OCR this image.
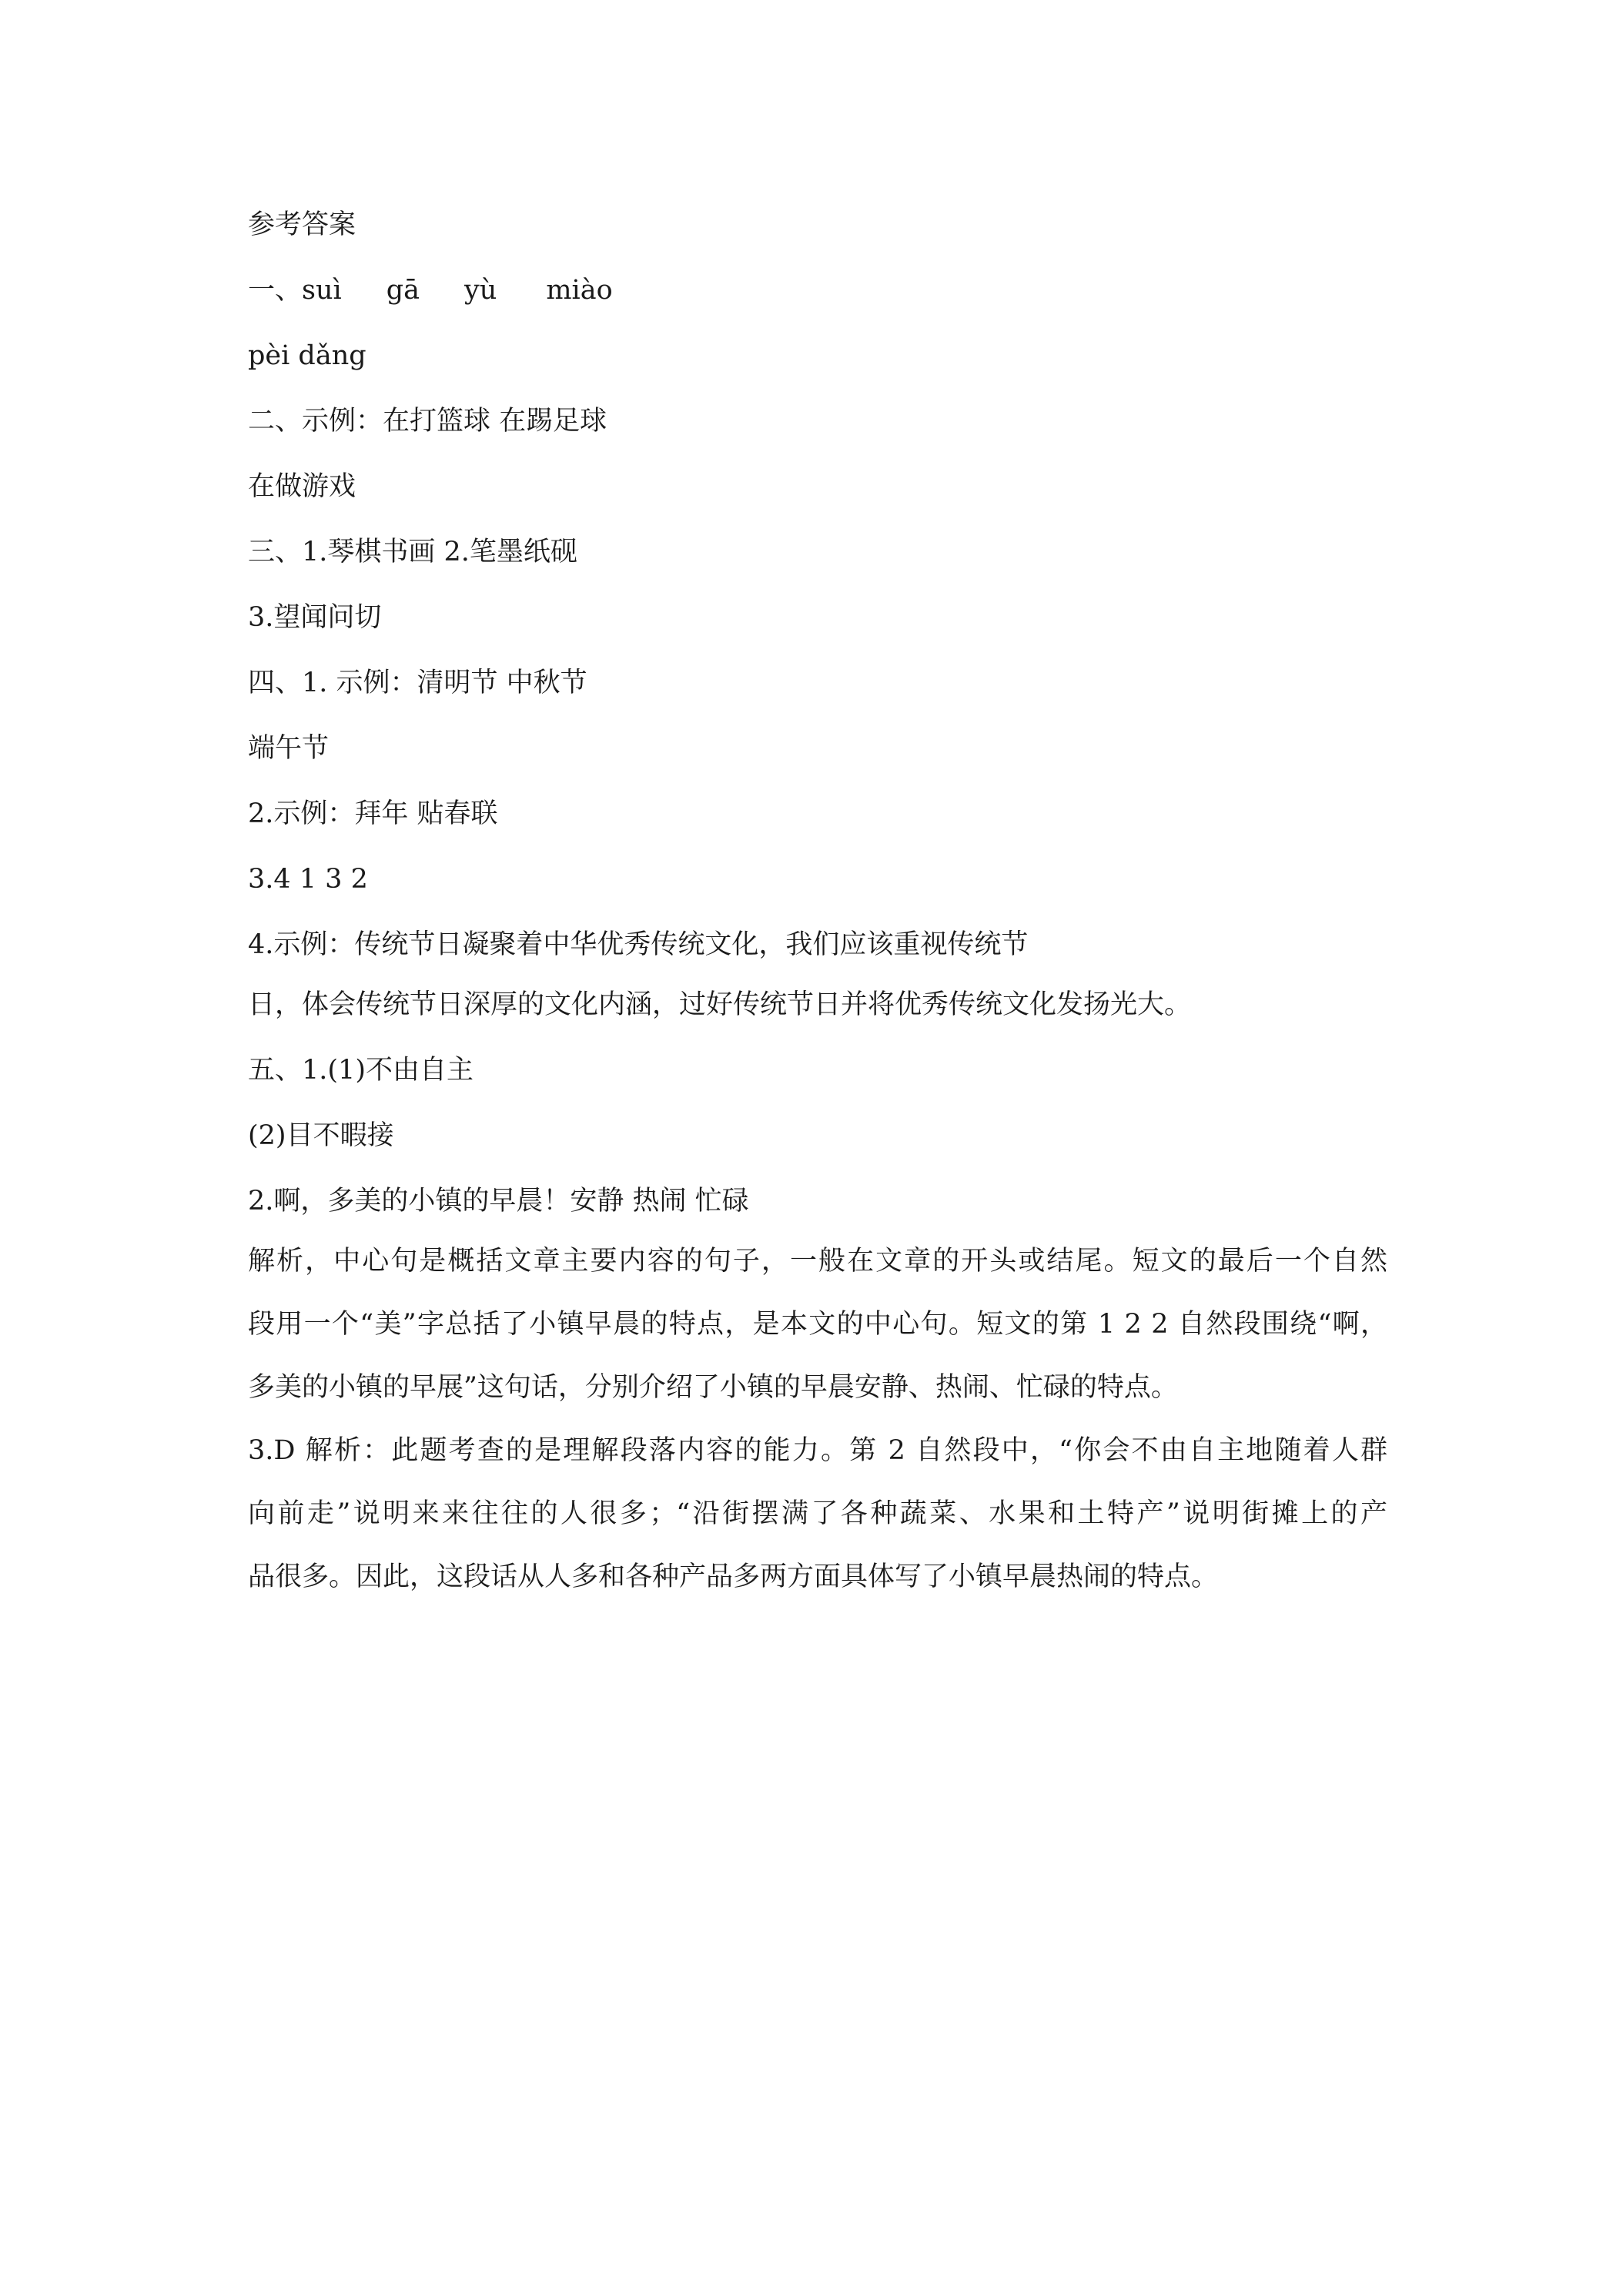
参考答案
一、suì gā yù miào
pèi dǎng
二、示例：在打篮球 在踢足球
在做游戏
三、1.琴棋书画 2.笔墨纸砚
3.望闻问切
四、1. 示例：清明节 中秋节
端午节
2.示例：拜年 贴春联
3.4 1 3 2
4.示例：传统节日凝聚着中华优秀传统文化，我们应该重视传统节
日，体会传统节日深厚的文化内涵，过好传统节日并将优秀传统文化发扬光大。
五、1.(1)不由自主
(2)目不暇接
2.啊，多美的小镇的早晨！安静 热闹 忙碌
解析，中心句是概括文章主要内容的句子，一般在文章的开头或结尾。短文的最后一个自然
段用一个“美”字总括了小镇早晨的特点，是本文的中心句。短文的第 1 2 2 自然段围绕“啊，
多美的小镇的早展”这句话，分别介绍了小镇的早晨安静、热闹、忙碌的特点。
3.D 解析：此题考查的是理解段落内容的能力。第 2 自然段中，“你会不由自主地随着人群
向前走”说明来来往往的人很多；“沿街摆满了各种蔬菜、水果和土特产”说明街摊上的产
品很多。因此，这段话从人多和各种产品多两方面具体写了小镇早晨热闹的特点。
